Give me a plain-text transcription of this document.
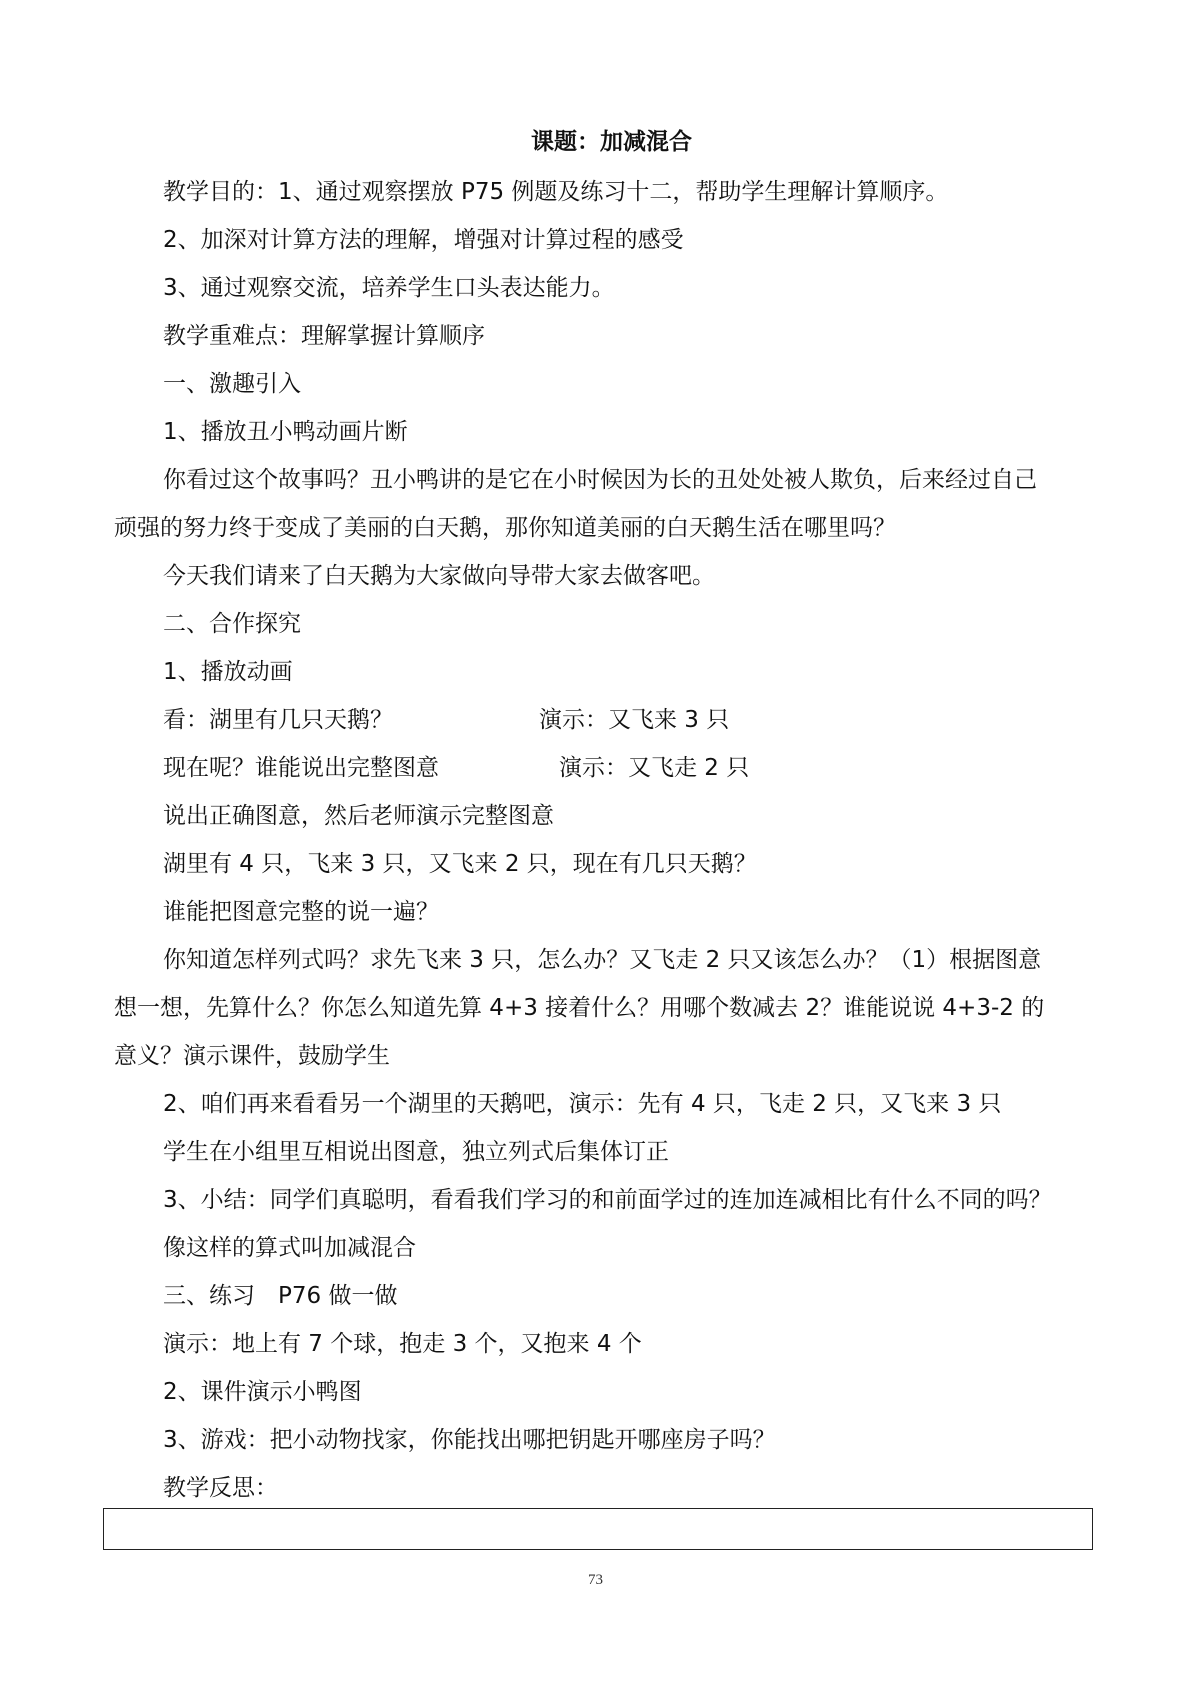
课题：加减混合
教学目的：1、通过观察摆放 P75 例题及练习十二，帮助学生理解计算顺序。
2、加深对计算方法的理解，增强对计算过程的感受
3、通过观察交流，培养学生口头表达能力。
教学重难点：理解掌握计算顺序
一、激趣引入
1、播放丑小鸭动画片断
你看过这个故事吗？丑小鸭讲的是它在小时候因为长的丑处处被人欺负，后来经过自己
顽强的努力终于变成了美丽的白天鹅，那你知道美丽的白天鹅生活在哪里吗？
今天我们请来了白天鹅为大家做向导带大家去做客吧。
二、合作探究
1、播放动画
看：湖里有几只天鹅？	演示：又飞来 3 只
现在呢？谁能说出完整图意	演示：又飞走 2 只
说出正确图意，然后老师演示完整图意
湖里有 4 只，飞来 3 只，又飞来 2 只，现在有几只天鹅？
谁能把图意完整的说一遍？
你知道怎样列式吗？求先飞来 3 只，怎么办？又飞走 2 只又该怎么办？（1）根据图意
想一想，先算什么？你怎么知道先算 4+3 接着什么？用哪个数减去 2？谁能说说 4+3-2 的
意义？演示课件，鼓励学生
2、咱们再来看看另一个湖里的天鹅吧，演示：先有 4 只，飞走 2 只，又飞来 3 只
学生在小组里互相说出图意，独立列式后集体订正
3、小结：同学们真聪明，看看我们学习的和前面学过的连加连减相比有什么不同的吗？
像这样的算式叫加减混合
三、练习　P76 做一做
演示：地上有 7 个球，抱走 3 个，又抱来 4 个
2、课件演示小鸭图
3、游戏：把小动物找家，你能找出哪把钥匙开哪座房子吗？
教学反思：
73
